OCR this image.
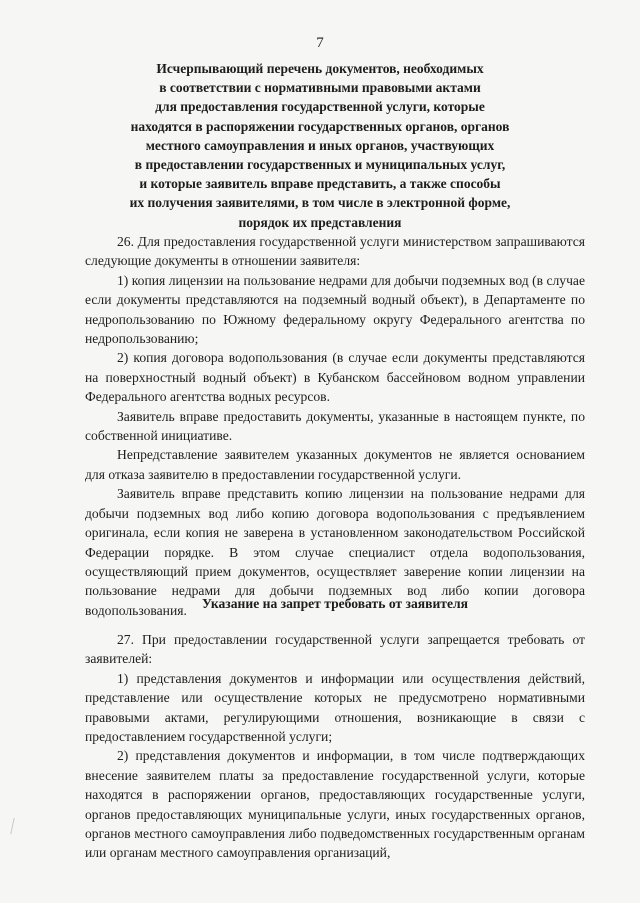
7
Исчерпывающий перечень документов, необходимых
в соответствии с нормативными правовыми актами
для предоставления государственной услуги, которые
находятся в распоряжении государственных органов, органов
местного самоуправления и иных органов, участвующих
в предоставлении государственных и муниципальных услуг,
и которые заявитель вправе представить, а также способы
их получения заявителями, в том числе в электронной форме,
порядок их представления

26. Для предоставления государственной услуги министерством запрашиваются следующие документы в отношении заявителя:

1) копия лицензии на пользование недрами для добычи подземных вод (в случае если документы представляются на подземный водный объект), в Департаменте по недропользованию по Южному федеральному округу Федерального агентства по недропользованию;

2) копия договора водопользования (в случае если документы представляются на поверхностный водный объект) в Кубанском бассейновом водном управлении Федерального агентства водных ресурсов.

Заявитель вправе предоставить документы, указанные в настоящем пункте, по собственной инициативе.

Непредставление заявителем указанных документов не является основанием для отказа заявителю в предоставлении государственной услуги.

Заявитель вправе представить копию лицензии на пользование недрами для добычи подземных вод либо копию договора водопользования с предъявлением оригинала, если копия не заверена в установленном законодательством Российской Федерации порядке. В этом случае специалист отдела водопользования, осуществляющий прием документов, осуществляет заверение копии лицензии на пользование недрами для добычи подземных вод либо копии договора водопользования.	Указание на запрет требовать от заявителя

27. При предоставлении государственной услуги запрещается требовать от заявителей:

1) представления документов и информации или осуществления действий, представление или осуществление которых не предусмотрено нормативными правовыми актами, регулирующими отношения, возникающие в связи с предоставлением государственной услуги;

2) представления документов и информации, в том числе подтверждающих внесение заявителем платы за предоставление государственной услуги, которые находятся в распоряжении органов, предоставляющих государственные услуги, органов предоставляющих муниципальные услуги, иных государственных органов, органов местного самоуправления либо подведомственных государственным органам или органам местного самоуправления организаций,
